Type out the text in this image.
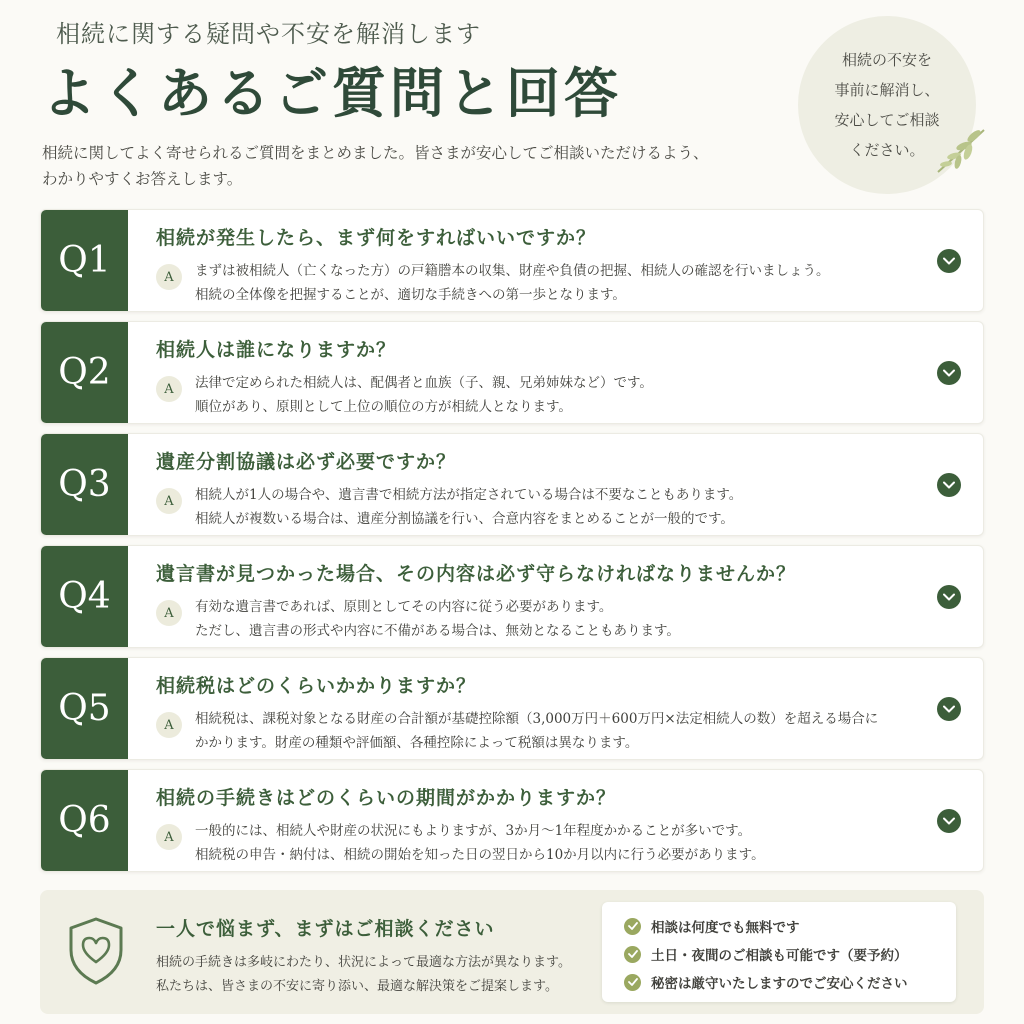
相続に関する疑問や不安を解消します
よくあるご質問と回答
相続に関してよく寄せられるご質問をまとめました。皆さまが安心してご相談いただけるよう、
わかりやすくお答えします。
相続の不安を
事前に解消し、
安心してご相談
ください。
Q1
相続が発生したら、まず何をすればいいですか？
A	まずは被相続人（亡くなった方）の戸籍謄本の収集、財産や負債の把握、相続人の確認を行いましょう。
相続の全体像を把握することが、適切な手続きへの第一歩となります。
Q2
相続人は誰になりますか？
A	法律で定められた相続人は、配偶者と血族（子、親、兄弟姉妹など）です。
順位があり、原則として上位の順位の方が相続人となります。
Q3
遺産分割協議は必ず必要ですか？
A	相続人が1人の場合や、遺言書で相続方法が指定されている場合は不要なこともあります。
相続人が複数いる場合は、遺産分割協議を行い、合意内容をまとめることが一般的です。
Q4
遺言書が見つかった場合、その内容は必ず守らなければなりませんか？
A	有効な遺言書であれば、原則としてその内容に従う必要があります。
ただし、遺言書の形式や内容に不備がある場合は、無効となることもあります。
Q5
相続税はどのくらいかかりますか？
A	相続税は、課税対象となる財産の合計額が基礎控除額（3,000万円＋600万円×法定相続人の数）を超える場合に
かかります。財産の種類や評価額、各種控除によって税額は異なります。
Q6
相続の手続きはどのくらいの期間がかかりますか？
A	一般的には、相続人や財産の状況にもよりますが、3か月〜1年程度かかることが多いです。
相続税の申告・納付は、相続の開始を知った日の翌日から10か月以内に行う必要があります。
一人で悩まず、まずはご相談ください
相続の手続きは多岐にわたり、状況によって最適な方法が異なります。
私たちは、皆さまの不安に寄り添い、最適な解決策をご提案します。
相談は何度でも無料です
土日・夜間のご相談も可能です（要予約）
秘密は厳守いたしますのでご安心ください
